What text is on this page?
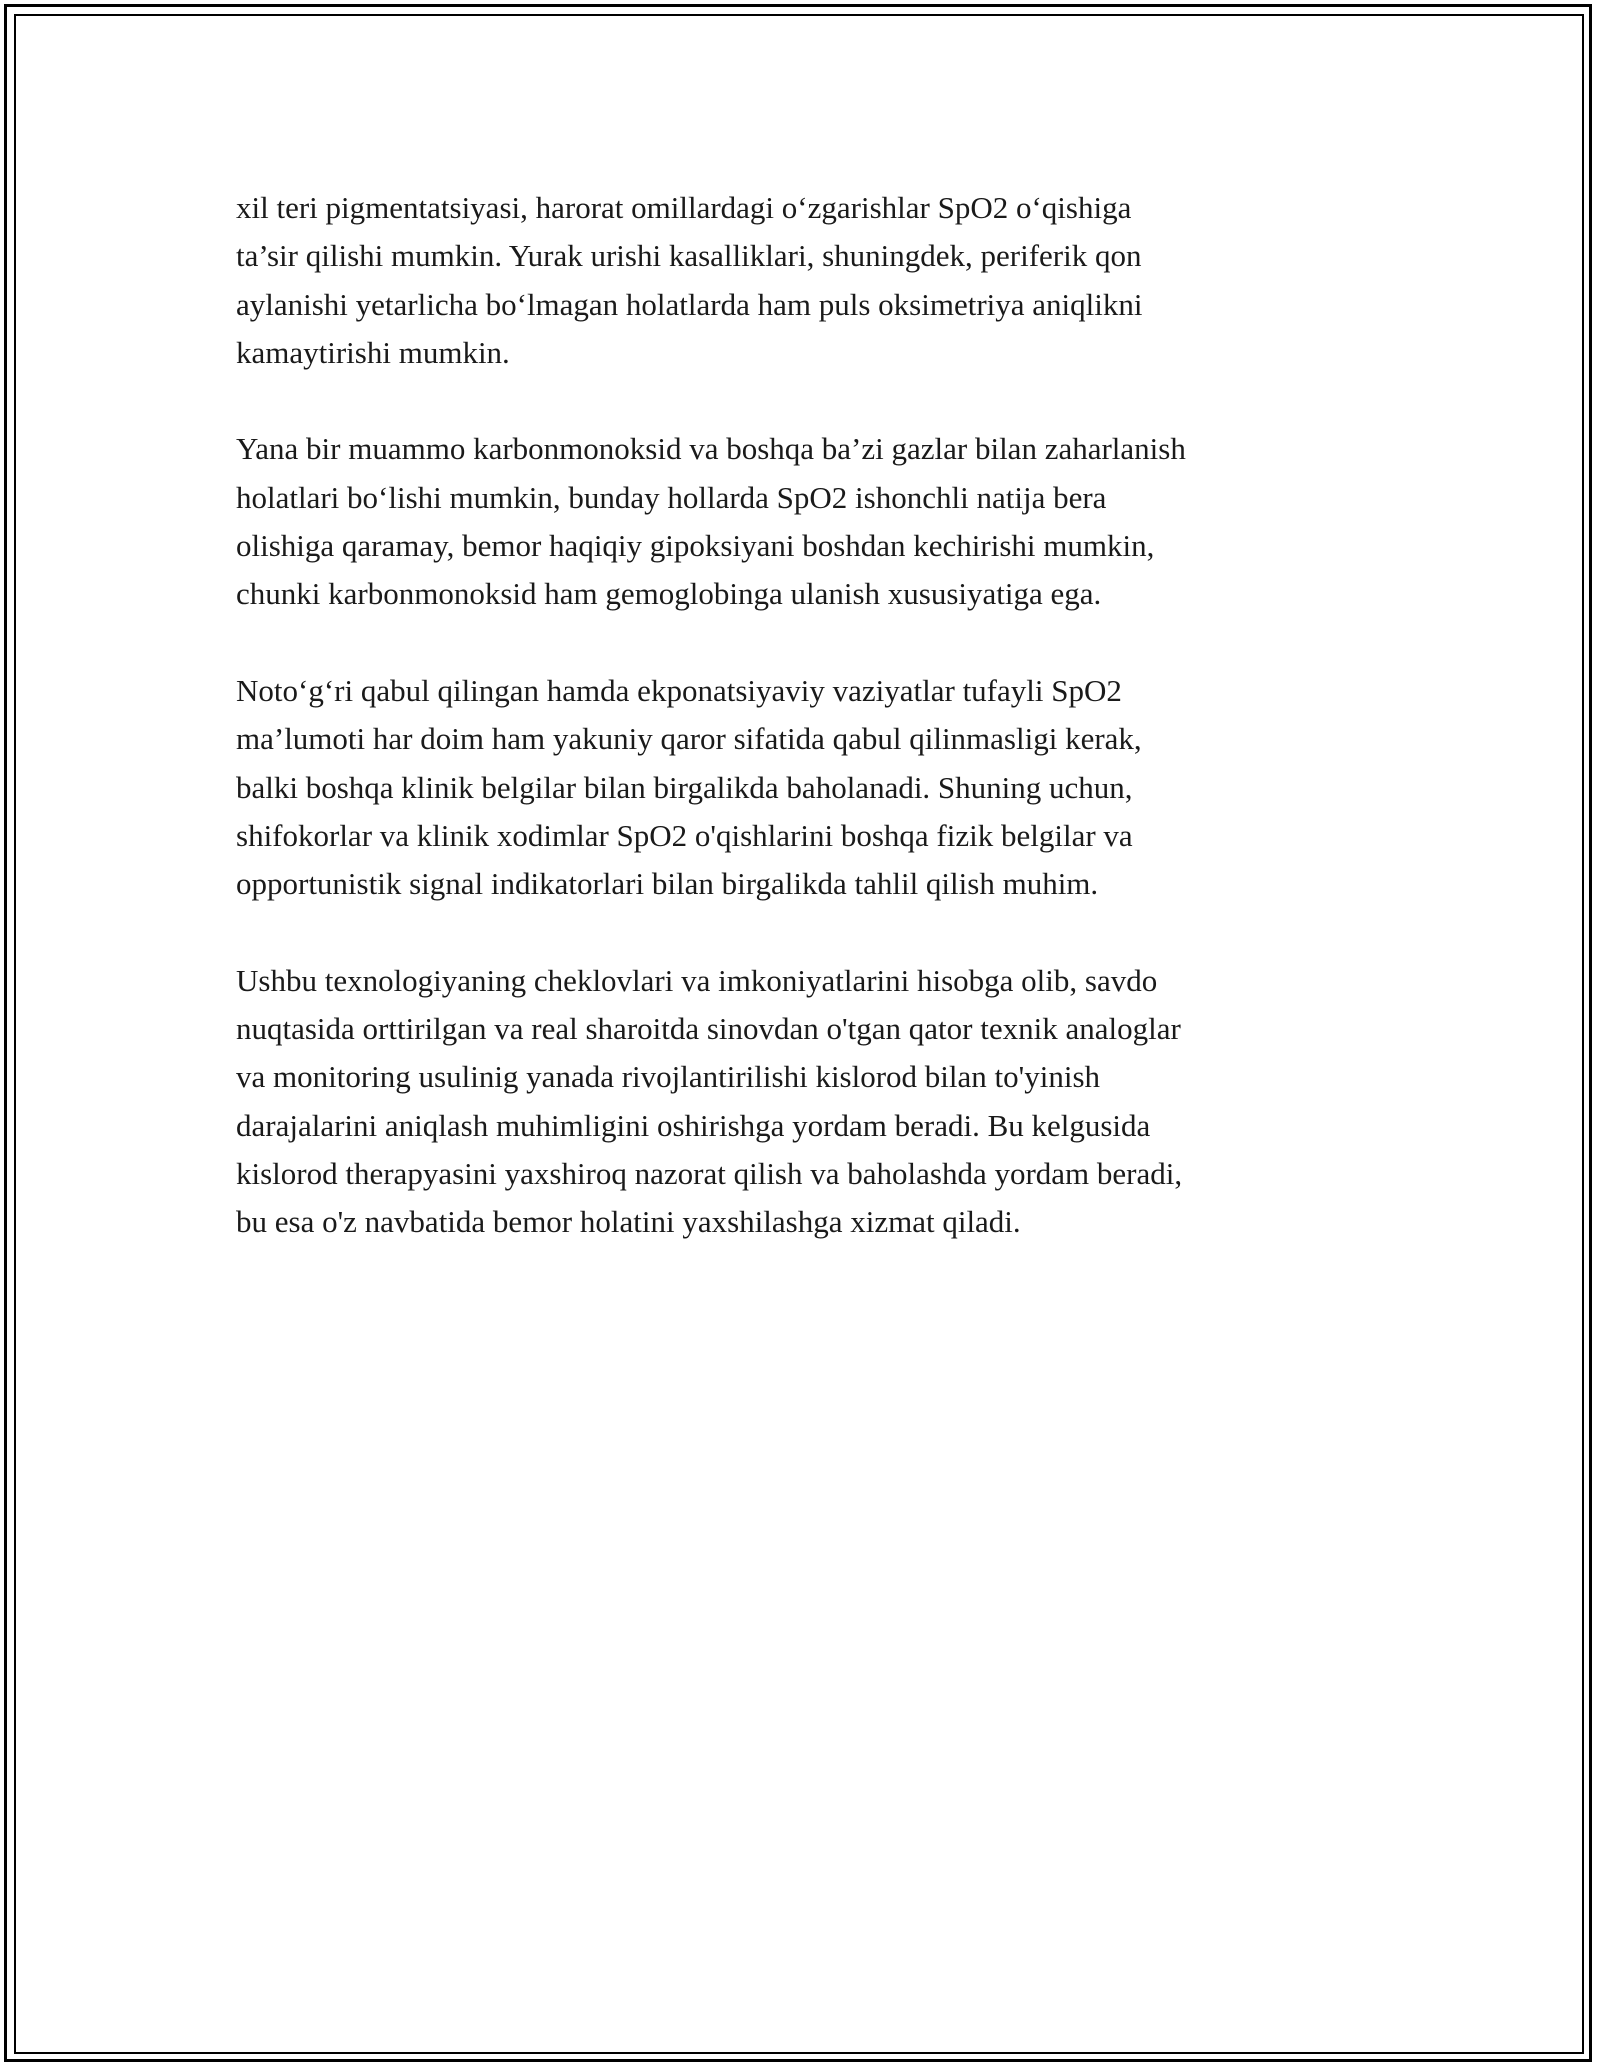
xil teri pigmentatsiyasi, harorat omillardagi o‘zgarishlar SpO2 o‘qishiga
ta’sir qilishi mumkin. Yurak urishi kasalliklari, shuningdek, periferik qon
aylanishi yetarlicha bo‘lmagan holatlarda ham puls oksimetriya aniqlikni
kamaytirishi mumkin.

Yana bir muammo karbonmonoksid va boshqa ba’zi gazlar bilan zaharlanish
holatlari bo‘lishi mumkin, bunday hollarda SpO2 ishonchli natija bera
olishiga qaramay, bemor haqiqiy gipoksiyani boshdan kechirishi mumkin,
chunki karbonmonoksid ham gemoglobinga ulanish xususiyatiga ega.

Noto‘g‘ri qabul qilingan hamda ekponatsiyaviy vaziyatlar tufayli SpO2
ma’lumoti har doim ham yakuniy qaror sifatida qabul qilinmasligi kerak,
balki boshqa klinik belgilar bilan birgalikda baholanadi. Shuning uchun,
shifokorlar va klinik xodimlar SpO2 o'qishlarini boshqa fizik belgilar va
opportunistik signal indikatorlari bilan birgalikda tahlil qilish muhim.

Ushbu texnologiyaning cheklovlari va imkoniyatlarini hisobga olib, savdo
nuqtasida orttirilgan va real sharoitda sinovdan o'tgan qator texnik analoglar
va monitoring usulinig yanada rivojlantirilishi kislorod bilan to'yinish
darajalarini aniqlash muhimligini oshirishga yordam beradi. Bu kelgusida
kislorod therapyasini yaxshiroq nazorat qilish va baholashda yordam beradi,
bu esa o'z navbatida bemor holatini yaxshilashga xizmat qiladi.
